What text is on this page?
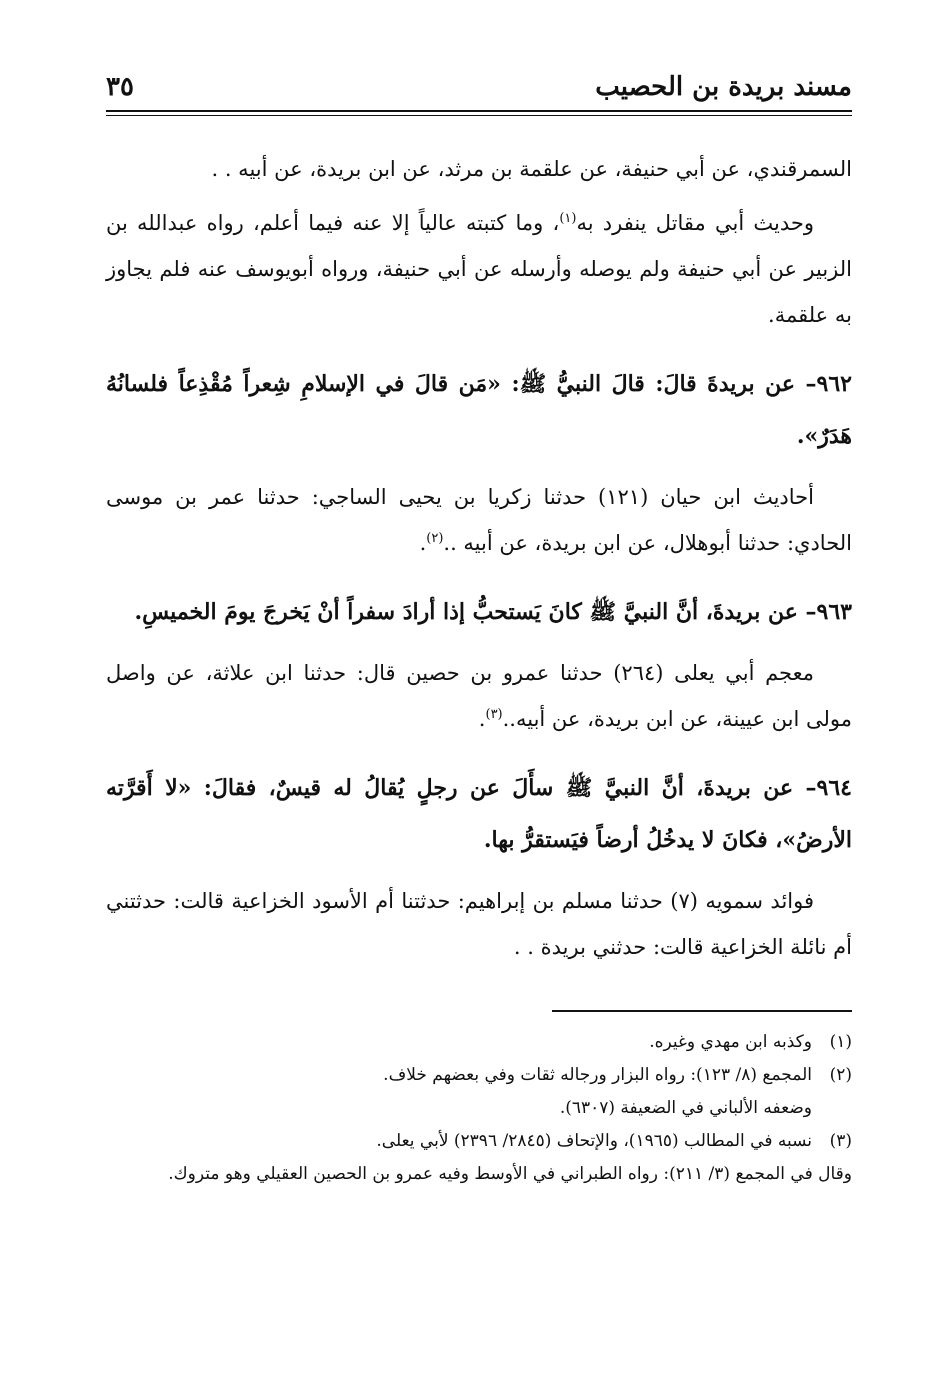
مسند بريدة بن الحصيب
٣٥

السمرقندي، عن أبي حنيفة، عن علقمة بن مرثد، عن ابن بريدة، عن أبيه . .

وحديث أبي مقاتل ينفرد به$^{(١)}$، وما كتبته عالياً إلا عنه فيما أعلم، رواه عبدالله بن الزبير عن أبي حنيفة ولم يوصله وأرسله عن أبي حنيفة، ورواه أبويوسف عنه فلم يجاوز به علقمة.

٩٦٢– عن بريدةَ قالَ: قالَ النبيُّ ﷺ: «مَن قالَ في الإسلامِ شِعراً مُقْذِعاً فلسانُهُ هَدَرٌ».

أحاديث ابن حيان (١٢١) حدثنا زكريا بن يحيى الساجي: حدثنا عمر بن موسى الحادي: حدثنا أبوهلال، عن ابن بريدة، عن أبيه ..$^{(٢)}$.

٩٦٣– عن بريدةَ، أنَّ النبيَّ ﷺ كانَ يَستحبُّ إذا أرادَ سفراً أنْ يَخرجَ يومَ الخميسِ.

معجم أبي يعلى (٢٦٤) حدثنا عمرو بن حصين قال: حدثنا ابن علاثة، عن واصل مولى ابن عيينة، عن ابن بريدة، عن أبيه..$^{(٣)}$.

٩٦٤– عن بريدةَ، أنَّ النبيَّ ﷺ سأَلَ عن رجلٍ يُقالُ له قيسٌ، فقالَ: «لا أَقرَّته الأرضُ»، فكانَ لا يدخُلُ أرضاً فيَستقرُّ بها.

فوائد سمويه (٧) حدثنا مسلم بن إبراهيم: حدثتنا أم الأسود الخزاعية قالت: حدثتني أم نائلة الخزاعية قالت: حدثني بريدة . .

(١)وكذبه ابن مهدي وغيره.

(٢)المجمع (٨/ ١٢٣): رواه البزار ورجاله ثقات وفي بعضهم خلاف.

وضعفه الألباني في الضعيفة (٦٣٠٧).

(٣)نسبه في المطالب (١٩٦٥)، والإتحاف (٢٨٤٥/ ٢٣٩٦) لأبي يعلى.

وقال في المجمع (٣/ ٢١١): رواه الطبراني في الأوسط وفيه عمرو بن الحصين العقيلي وهو متروك.
